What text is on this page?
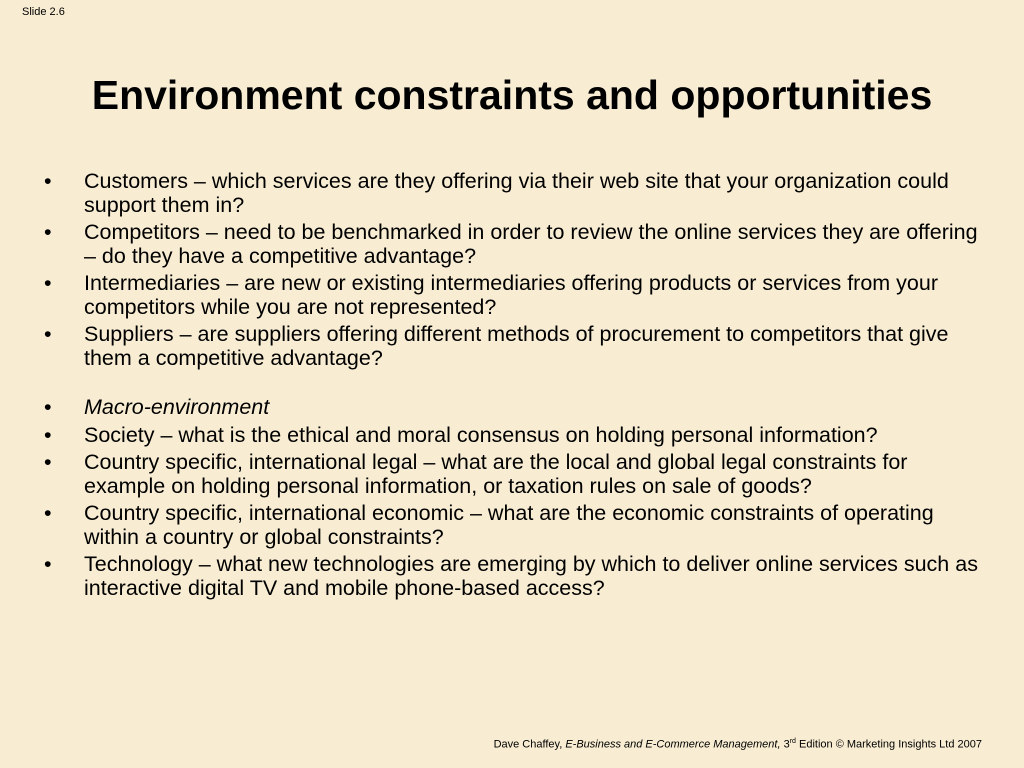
Slide 2.6
Environment constraints and opportunities
• Customers – which services are they offering via their web site that your organization could support them in?
• Competitors – need to be benchmarked in order to review the online services they are offering – do they have a competitive advantage?
• Intermediaries – are new or existing intermediaries offering products or services from your competitors while you are not represented?
• Suppliers – are suppliers offering different methods of procurement to competitors that give them a competitive advantage?
• Macro-environment
• Society – what is the ethical and moral consensus on holding personal information?
• Country specific, international legal – what are the local and global legal constraints for example on holding personal information, or taxation rules on sale of goods?
• Country specific, international economic – what are the economic constraints of operating within a country or global constraints?
• Technology – what new technologies are emerging by which to deliver online services such as interactive digital TV and mobile phone-based access?
Dave Chaffey, E-Business and E-Commerce Management, 3rd Edition © Marketing Insights Ltd 2007
